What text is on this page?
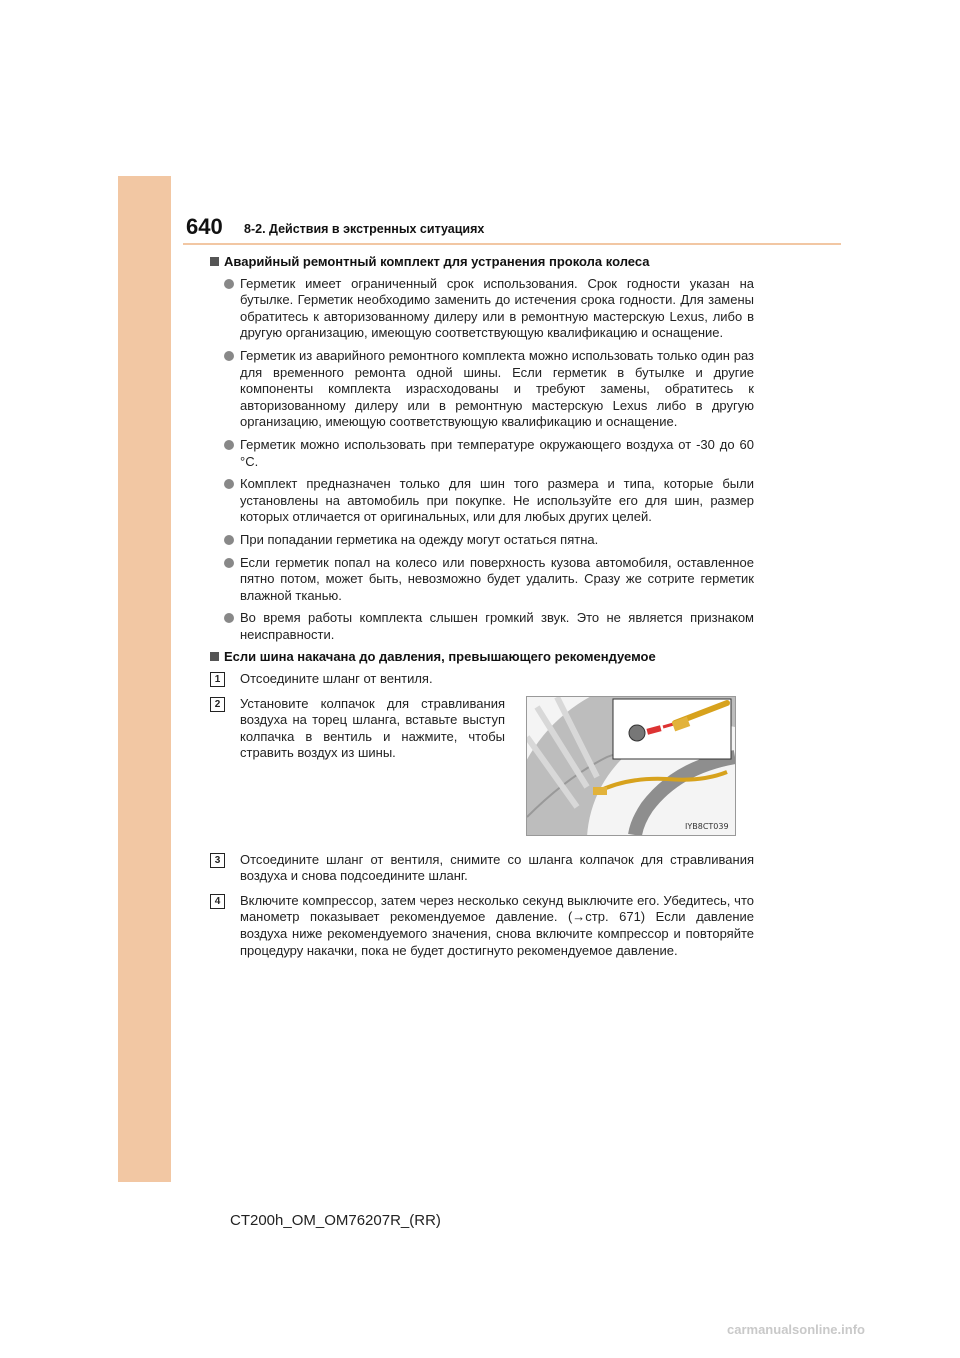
640 8-2. Действия в экстренных ситуациях
Аварийный ремонтный комплект для устранения прокола колеса
Герметик имеет ограниченный срок использования. Срок годности указан на бутылке. Герметик необходимо заменить до истечения срока годности. Для замены обратитесь к авторизованному дилеру или в ремонтную мастерскую Lexus, либо в другую организацию, имеющую соответствующую квалификацию и оснащение.
Герметик из аварийного ремонтного комплекта можно использовать только один раз для временного ремонта одной шины. Если герметик в бутылке и другие компоненты комплекта израсходованы и требуют замены, обратитесь к авторизованному дилеру или в ремонтную мастерскую Lexus либо в другую организацию, имеющую соответствующую квалификацию и оснащение.
Герметик можно использовать при температуре окружающего воздуха от -30 до 60 °C.
Комплект предназначен только для шин того размера и типа, которые были установлены на автомобиль при покупке. Не используйте его для шин, размер которых отличается от оригинальных, или для любых других целей.
При попадании герметика на одежду могут остаться пятна.
Если герметик попал на колесо или поверхность кузова автомобиля, оставленное пятно потом, может быть, невозможно будет удалить. Сразу же сотрите герметик влажной тканью.
Во время работы комплекта слышен громкий звук. Это не является признаком неисправности.
Если шина накачана до давления, превышающего рекомендуемое
1	Отсоедините шланг от вентиля.
2	Установите колпачок для стравливания воздуха на торец шланга, вставьте выступ колпачка в вентиль и нажмите, чтобы стравить воздух из шины.
IYB8CT039
3	Отсоедините шланг от вентиля, снимите со шланга колпачок для стравливания воздуха и снова подсоедините шланг.
4	Включите компрессор, затем через несколько секунд выключите его. Убедитесь, что манометр показывает рекомендуемое давление. (→стр. 671) Если давление воздуха ниже рекомендуемого значения, снова включите компрессор и повторяйте процедуру накачки, пока не будет достигнуто рекомендуемое давление.
CT200h_OM_OM76207R_(RR)
carmanualsonline.info
